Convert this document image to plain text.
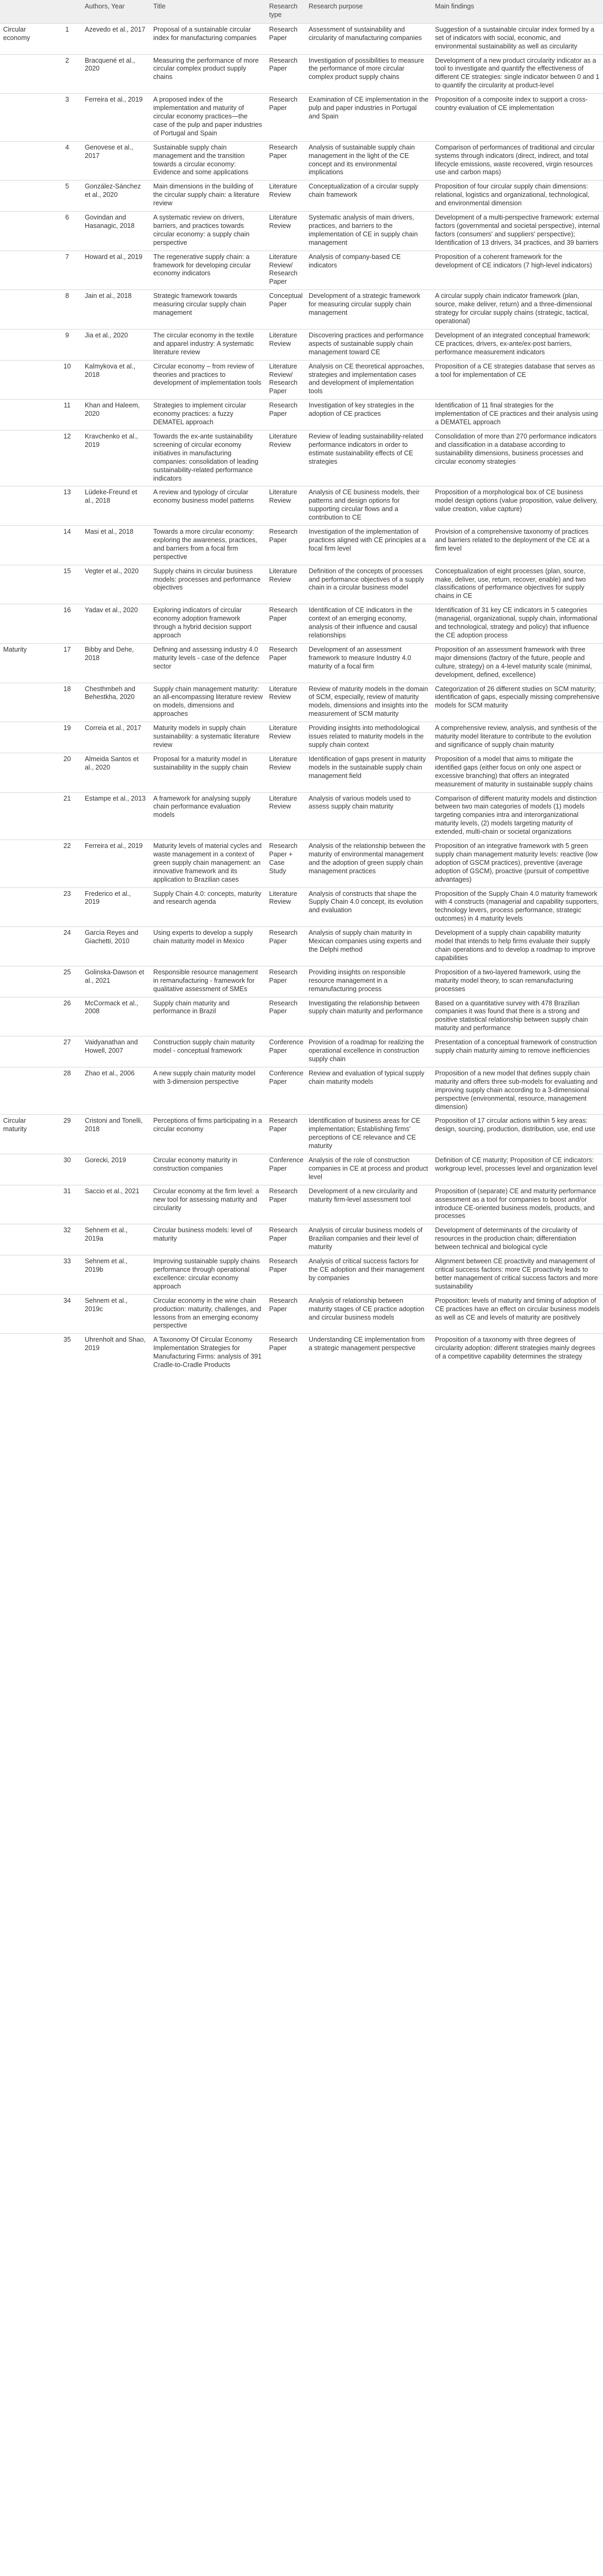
		Authors, Year	Title	Research type	Research purpose	Main findings
Circular economy	1	Azevedo et al., 2017	Proposal of a sustainable circular index for manufacturing companies	Research Paper	Assessment of sustainability and circularity of manufacturing companies	Suggestion of a sustainable circular index formed by a set of indicators with social, economic, and environmental sustainability as well as circularity
	2	Bracquené et al., 2020	Measuring the performance of more circular complex product supply chains	Research Paper	Investigation of possibilities to measure the performance of more circular complex product supply chains	Development of a new product circularity indicator as a tool to investigate and quantify the effectiveness of different CE strategies: single indicator between 0 and 1 to quantify the circularity at product-level
	3	Ferreira et al., 2019	A proposed index of the implementation and maturity of circular economy practices—the case of the pulp and paper industries of Portugal and Spain	Research Paper	Examination of CE implementation in the pulp and paper industries in Portugal and Spain	Proposition of a composite index to support a cross-country evaluation of CE implementation
	4	Genovese et al., 2017	Sustainable supply chain management and the transition towards a circular economy: Evidence and some applications	Research Paper	Analysis of sustainable supply chain management in the light of the CE concept and its environmental implications	Comparison of performances of traditional and circular systems through indicators (direct, indirect, and total lifecycle emissions, waste recovered, virgin resources use and carbon maps)
	5	González-Sánchez et al., 2020	Main dimensions in the building of the circular supply chain: a literature review	Literature Review	Conceptualization of a circular supply chain framework	Proposition of four circular supply chain dimensions: relational, logistics and organizational, technological, and environmental dimension
	6	Govindan and Hasanagic, 2018	A systematic review on drivers, barriers, and practices towards circular economy: a supply chain perspective	Literature Review	Systematic analysis of main drivers, practices, and barriers to the implementation of CE in supply chain management	Development of a multi-perspective framework: external factors (governmental and societal perspective), internal factors (consumers' and suppliers' perspective); Identification of 13 drivers, 34 practices, and 39 barriers
	7	Howard et al., 2019	The regenerative supply chain: a framework for developing circular economy indicators	Literature Review/ Research Paper	Analysis of company-based CE indicators	Proposition of a coherent framework for the development of CE indicators (7 high-level indicators)
	8	Jain et al., 2018	Strategic framework towards measuring circular supply chain management	Conceptual Paper	Development of a strategic framework for measuring circular supply chain management	A circular supply chain indicator framework (plan, source, make deliver, return) and a three-dimensional strategy for circular supply chains (strategic, tactical, operational)
	9	Jia et al., 2020	The circular economy in the textile and apparel industry: A systematic literature review	Literature Review	Discovering practices and performance aspects of sustainable supply chain management toward CE	Development of an integrated conceptual framework: CE practices, drivers, ex-ante/ex-post barriers, performance measurement indicators
	10	Kalmykova et al., 2018	Circular economy – from review of theories and practices to development of implementation tools	Literature Review/ Research Paper	Analysis on CE theoretical approaches, strategies and implementation cases and development of implementation tools	Proposition of a CE strategies database that serves as a tool for implementation of CE
	11	Khan and Haleem, 2020	Strategies to implement circular economy practices: a fuzzy DEMATEL approach	Research Paper	Investigation of key strategies in the adoption of CE practices	Identification of 11 final strategies for the implementation of CE practices and their analysis using a DEMATEL approach
	12	Kravchenko et al., 2019	Towards the ex-ante sustainability screening of circular economy initiatives in manufacturing companies: consolidation of leading sustainability-related performance indicators	Literature Review	Review of leading sustainability-related performance indicators in order to estimate sustainability effects of CE strategies	Consolidation of more than 270 performance indicators and classification in a database according to sustainability dimensions, business processes and circular economy strategies
	13	Lüdeke-Freund et al., 2018	A review and typology of circular economy business model patterns	Literature Review	Analysis of CE business models, their patterns and design options for supporting circular flows and a contribution to CE	Proposition of a morphological box of CE business model design options (value proposition, value delivery, value creation, value capture)
	14	Masi et al., 2018	Towards a more circular economy: exploring the awareness, practices, and barriers from a focal firm perspective	Research Paper	Investigation of the implementation of practices aligned with CE principles at a focal firm level	Provision of a comprehensive taxonomy of practices and barriers related to the deployment of the CE at a firm level
	15	Vegter et al., 2020	Supply chains in circular business models: processes and performance objectives	Literature Review	Definition of the concepts of processes and performance objectives of a supply chain in a circular business model	Conceptualization of eight processes (plan, source, make, deliver, use, return, recover, enable) and two classifications of performance objectives for supply chains in CE
	16	Yadav et al., 2020	Exploring indicators of circular economy adoption framework through a hybrid decision support approach	Research Paper	Identification of CE indicators in the context of an emerging economy, analysis of their influence and causal relationships	Identification of 31 key CE indicators in 5 categories (managerial, organizational, supply chain, informational and technological, strategy and policy) that influence the CE adoption process
Maturity	17	Bibby and Dehe, 2018	Defining and assessing industry 4.0 maturity levels - case of the defence sector	Research Paper	Development of an assessment framework to measure Industry 4.0 maturity of a focal firm	Proposition of an assessment framework with three major dimensions (factory of the future, people and culture, strategy) on a 4-level maturity scale (minimal, development, defined, excellence)
	18	Chesthmbeh and Behestkha, 2020	Supply chain management maturity: an all-encompassing literature review on models, dimensions and approaches	Literature Review	Review of maturity models in the domain of SCM, especially, review of maturity models, dimensions and insights into the measurement of SCM maturity	Categorization of 26 different studies on SCM maturity; identification of gaps, especially missing comprehensive models for SCM maturity
	19	Correia et al., 2017	Maturity models in supply chain sustainability: a systematic literature review	Literature Review	Providing insights into methodological issues related to maturity models in the supply chain context	A comprehensive review, analysis, and synthesis of the maturity model literature to contribute to the evolution and significance of supply chain maturity
	20	Almeida Santos et al., 2020	Proposal for a maturity model in sustainability in the supply chain	Literature Review	Identification of gaps present in maturity models in the sustainable supply chain management field	Proposition of a model that aims to mitigate the identified gaps (either focus on only one aspect or excessive branching) that offers an integrated measurement of maturity in sustainable supply chains
	21	Estampe et al., 2013	A framework for analysing supply chain performance evaluation models	Literature Review	Analysis of various models used to assess supply chain maturity	Comparison of different maturity models and distinction between two main categories of models (1) models targeting companies intra and interorganizational maturity levels, (2) models targeting maturity of extended, multi-chain or societal organizations
	22	Ferreira et al., 2019	Maturity levels of material cycles and waste management in a context of green supply chain management: an innovative framework and its application to Brazilian cases	Research Paper + Case Study	Analysis of the relationship between the maturity of environmental management and the adoption of green supply chain management practices	Proposition of an integrative framework with 5 green supply chain management maturity levels: reactive (low adoption of GSCM practices), preventive (average adoption of GSCM), proactive (pursuit of competitive advantages)
	23	Frederico et al., 2019	Supply Chain 4.0: concepts, maturity and research agenda	Literature Review	Analysis of constructs that shape the Supply Chain 4.0 concept, its evolution and evaluation	Proposition of the Supply Chain 4.0 maturity framework with 4 constructs (managerial and capability supporters, technology levers, process performance, strategic outcomes) in 4 maturity levels
	24	García Reyes and Giachetti, 2010	Using experts to develop a supply chain maturity model in Mexico	Research Paper	Analysis of supply chain maturity in Mexican companies using experts and the Delphi method	Development of a supply chain capability maturity model that intends to help firms evaluate their supply chain operations and to develop a roadmap to improve capabilities
	25	Golinska-Dawson et al., 2021	Responsible resource management in remanufacturing - framework for qualitative assessment of SMEs	Research Paper	Providing insights on responsible resource management in a remanufacturing process	Proposition of a two-layered framework, using the maturity model theory, to scan remanufacturing processes
	26	McCormack et al., 2008	Supply chain maturity and performance in Brazil	Research Paper	Investigating the relationship between supply chain maturity and performance	Based on a quantitative survey with 478 Brazilian companies it was found that there is a strong and positive statistical relationship between supply chain maturity and performance
	27	Vaidyanathan and Howell, 2007	Construction supply chain maturity model - conceptual framework	Conference Paper	Provision of a roadmap for realizing the operational excellence in construction supply chain	Presentation of a conceptual framework of construction supply chain maturity aiming to remove inefficiencies
	28	Zhao et al., 2006	A new supply chain maturity model with 3-dimension perspective	Conference Paper	Review and evaluation of typical supply chain maturity models	Proposition of a new model that defines supply chain maturity and offers three sub-models for evaluating and improving supply chain according to a 3-dimensional perspective (environmental, resource, management dimension)
Circular maturity	29	Cristoni and Tonelli, 2018	Perceptions of firms participating in a circular economy	Research Paper	Identification of business areas for CE implementation; Establishing firms' perceptions of CE relevance and CE maturity	Proposition of 17 circular actions within 5 key areas: design, sourcing, production, distribution, use, end use
	30	Gorecki, 2019	Circular economy maturity in construction companies	Conference Paper	Analysis of the role of construction companies in CE at process and product level	Definition of CE maturity; Proposition of CE indicators: workgroup level, processes level and organization level
	31	Saccio et al., 2021	Circular economy at the firm level: a new tool for assessing maturity and circularity	Research Paper	Development of a new circularity and maturity firm-level assessment tool	Proposition of (separate) CE and maturity performance assessment as a tool for companies to boost and/or introduce CE-oriented business models, products, and processes
	32	Sehnem et al., 2019a	Circular business models: level of maturity	Research Paper	Analysis of circular business models of Brazilian companies and their level of maturity	Development of determinants of the circularity of resources in the production chain; differentiation between technical and biological cycle
	33	Sehnem et al., 2019b	Improving sustainable supply chains performance through operational excellence: circular economy approach	Research Paper	Analysis of critical success factors for the CE adoption and their management by companies	Alignment between CE proactivity and management of critical success factors: more CE proactivity leads to better management of critical success factors and more sustainability
	34	Sehnem et al., 2019c	Circular economy in the wine chain production: maturity, challenges, and lessons from an emerging economy perspective	Research Paper	Analysis of relationship between maturity stages of CE practice adoption and circular business models	Proposition: levels of maturity and timing of adoption of CE practices have an effect on circular business models as well as CE and levels of maturity are positively
	35	Uhrenholt and Shao, 2019	A Taxonomy Of Circular Economy Implementation Strategies for Manufacturing Firms: analysis of 391 Cradle-to-Cradle Products	Research Paper	Understanding CE implementation from a strategic management perspective	Proposition of a taxonomy with three degrees of circularity adoption: different strategies mainly degrees of a competitive capability determines the strategy
